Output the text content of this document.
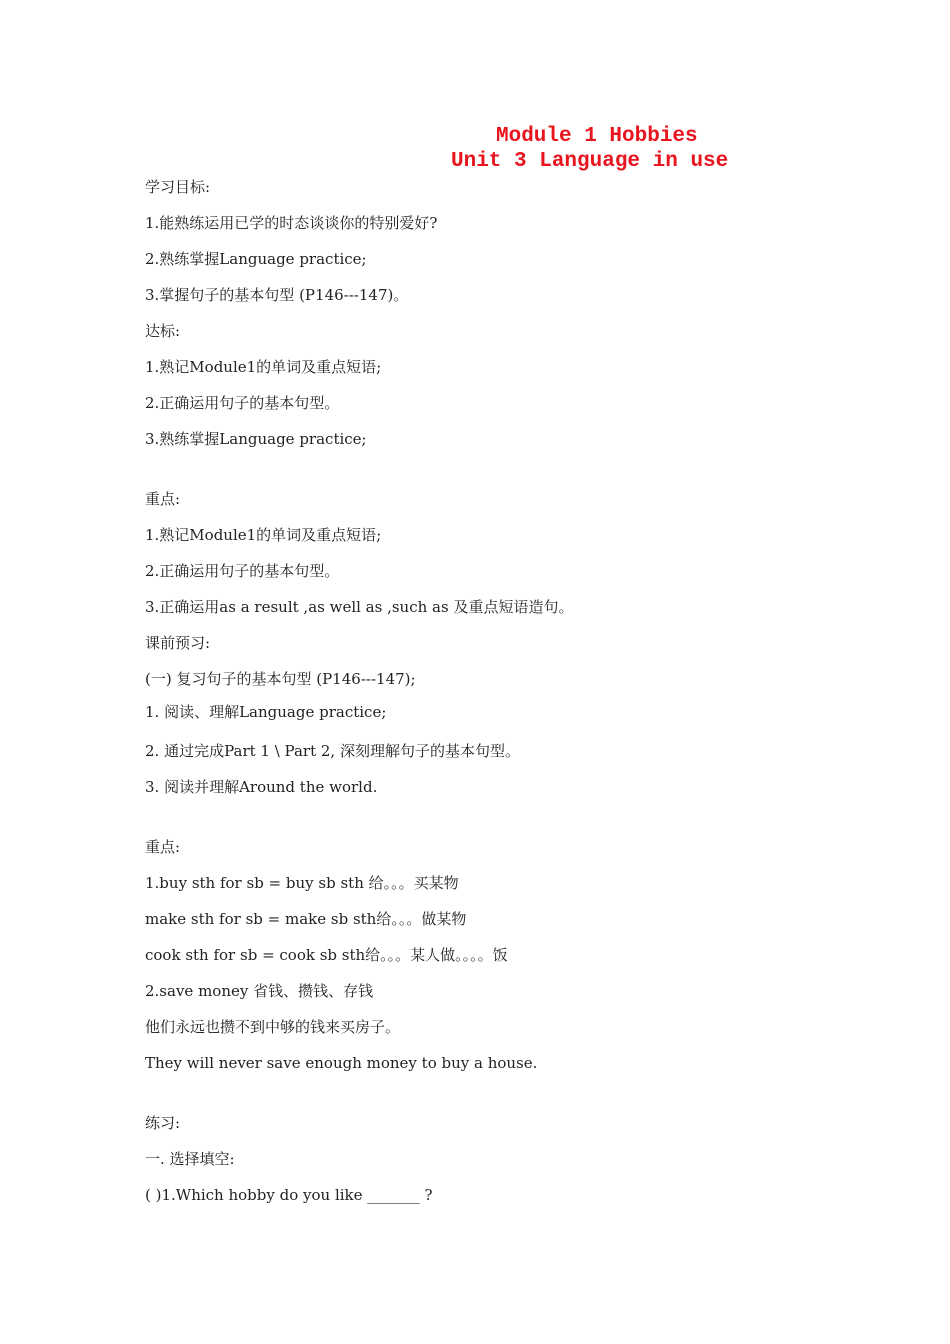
Module 1 Hobbies
Unit 3 Language in use
学习目标:
1.能熟练运用已学的时态谈谈你的特别爱好?
2.熟练掌握Language practice;
3.掌握句子的基本句型 (P146---147)。
达标:
1.熟记Module1的单词及重点短语;
2.正确运用句子的基本句型。
3.熟练掌握Language practice;
重点:
1.熟记Module1的单词及重点短语;
2.正确运用句子的基本句型。
3.正确运用as a result ,as well as ,such as 及重点短语造句。
课前预习:
(一) 复习句子的基本句型 (P146---147);
1. 阅读、理解Language practice;
2. 通过完成Part 1 \ Part 2, 深刻理解句子的基本句型。
3. 阅读并理解Around the world.
重点:
1.buy sth for sb = buy sb sth 给。。。买某物
make sth for sb = make sb sth给。。。做某物
cook sth for sb = cook sb sth给。。。某人做。。。。饭
2.save money 省钱、攒钱、存钱
他们永远也攒不到中够的钱来买房子。
They will never save enough money to buy a house.
练习:
一. 选择填空:
( )1.Which hobby do you like _______ ?
